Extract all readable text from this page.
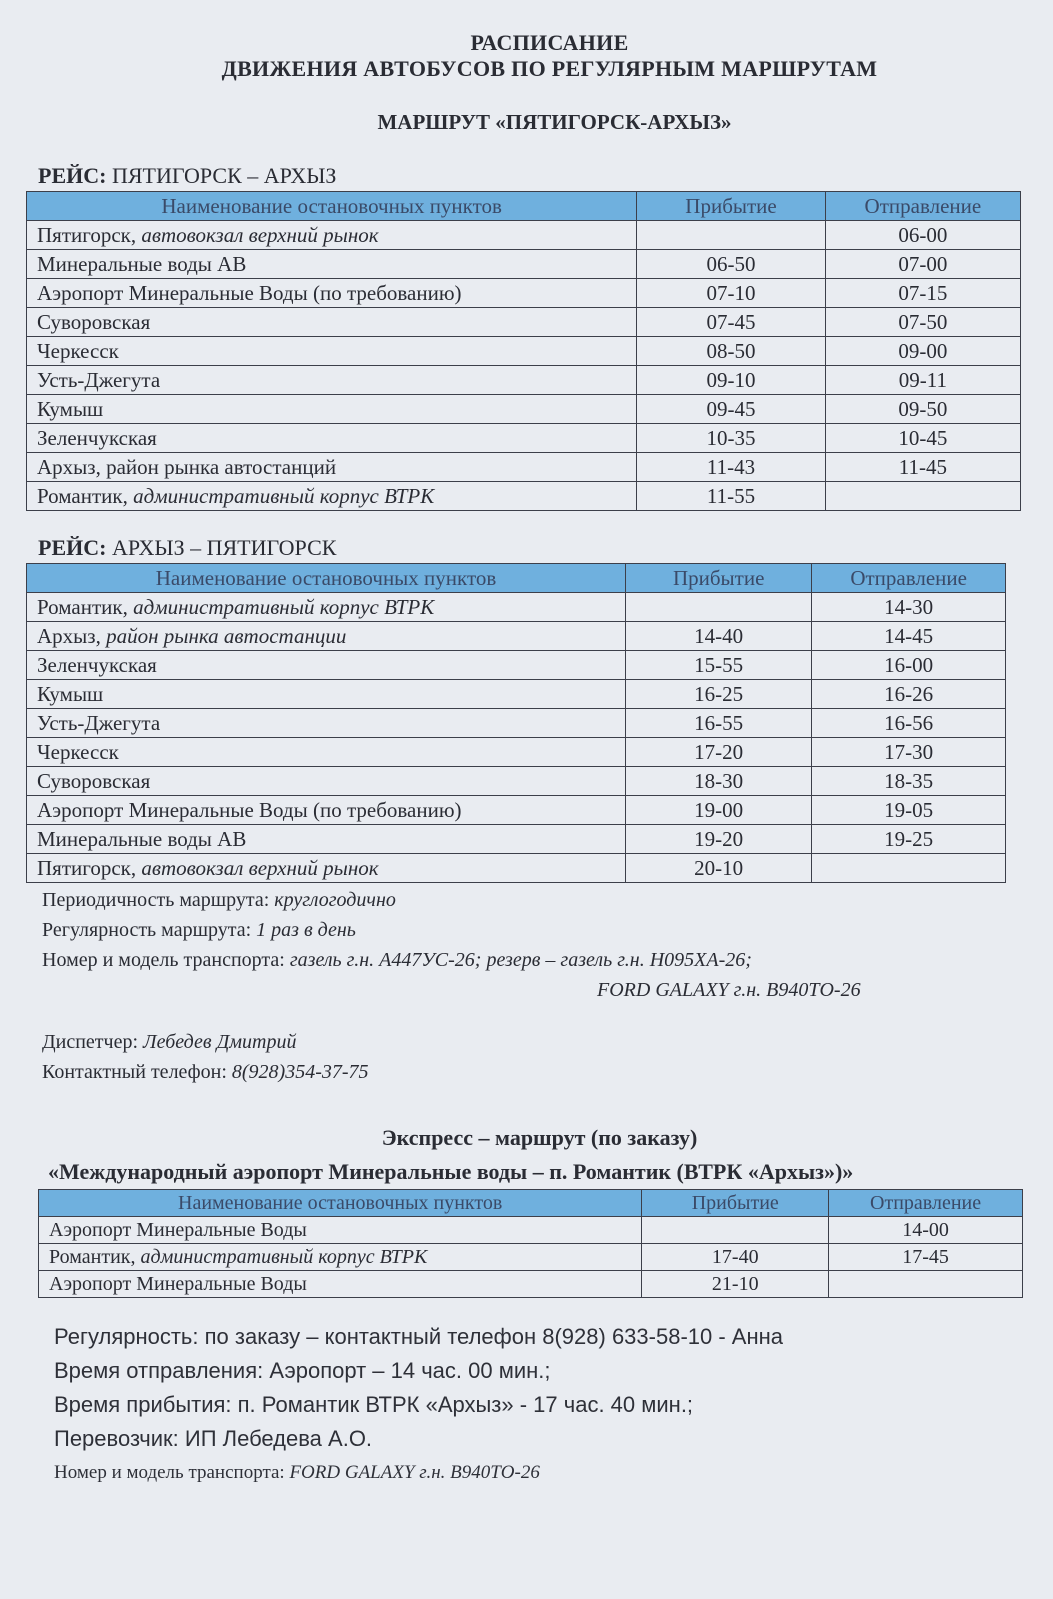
РАСПИСАНИЕ
ДВИЖЕНИЯ АВТОБУСОВ ПО РЕГУЛЯРНЫМ МАРШРУТАМ
МАРШРУТ «ПЯТИГОРСК-АРХЫЗ»
РЕЙС: ПЯТИГОРСК – АРХЫЗ
Наименование остановочных пунктов	Прибытие	Отправление
Пятигорск, автовокзал верхний рынок		06-00
Минеральные воды АВ	06-50	07-00
Аэропорт Минеральные Воды (по требованию)	07-10	07-15
Суворовская	07-45	07-50
Черкесск	08-50	09-00
Усть-Джегута	09-10	09-11
Кумыш	09-45	09-50
Зеленчукская	10-35	10-45
Архыз, район рынка автостанций	11-43	11-45
Романтик, административный корпус ВТРК	11-55	
РЕЙС: АРХЫЗ – ПЯТИГОРСК
Наименование остановочных пунктов	Прибытие	Отправление
Романтик, административный корпус ВТРК		14-30
Архыз, район рынка автостанции	14-40	14-45
Зеленчукская	15-55	16-00
Кумыш	16-25	16-26
Усть-Джегута	16-55	16-56
Черкесск	17-20	17-30
Суворовская	18-30	18-35
Аэропорт Минеральные Воды (по требованию)	19-00	19-05
Минеральные воды АВ	19-20	19-25
Пятигорск, автовокзал верхний рынок	20-10	
Периодичность маршрута: круглогодично
Регулярность маршрута: 1 раз в день
Номер и модель транспорта: газель г.н. А447УС-26; резерв – газель г.н. Н095ХА-26;
FORD GALAXY г.н. В940ТО-26
Диспетчер: Лебедев Дмитрий
Контактный телефон: 8(928)354-37-75
Экспресс – маршрут (по заказу)
«Международный аэропорт Минеральные воды – п. Романтик (ВТРК «Архыз»)»
Наименование остановочных пунктов	Прибытие	Отправление
Аэропорт Минеральные Воды		14-00
Романтик, административный корпус ВТРК	17-40	17-45
Аэропорт Минеральные Воды	21-10	
Регулярность: по заказу – контактный телефон 8(928) 633-58-10 - Анна
Время отправления: Аэропорт – 14 час. 00 мин.;
Время прибытия: п. Романтик ВТРК «Архыз» - 17 час. 40 мин.;
Перевозчик: ИП Лебедева А.О.
Номер и модель транспорта: FORD GALAXY г.н. В940ТО-26
